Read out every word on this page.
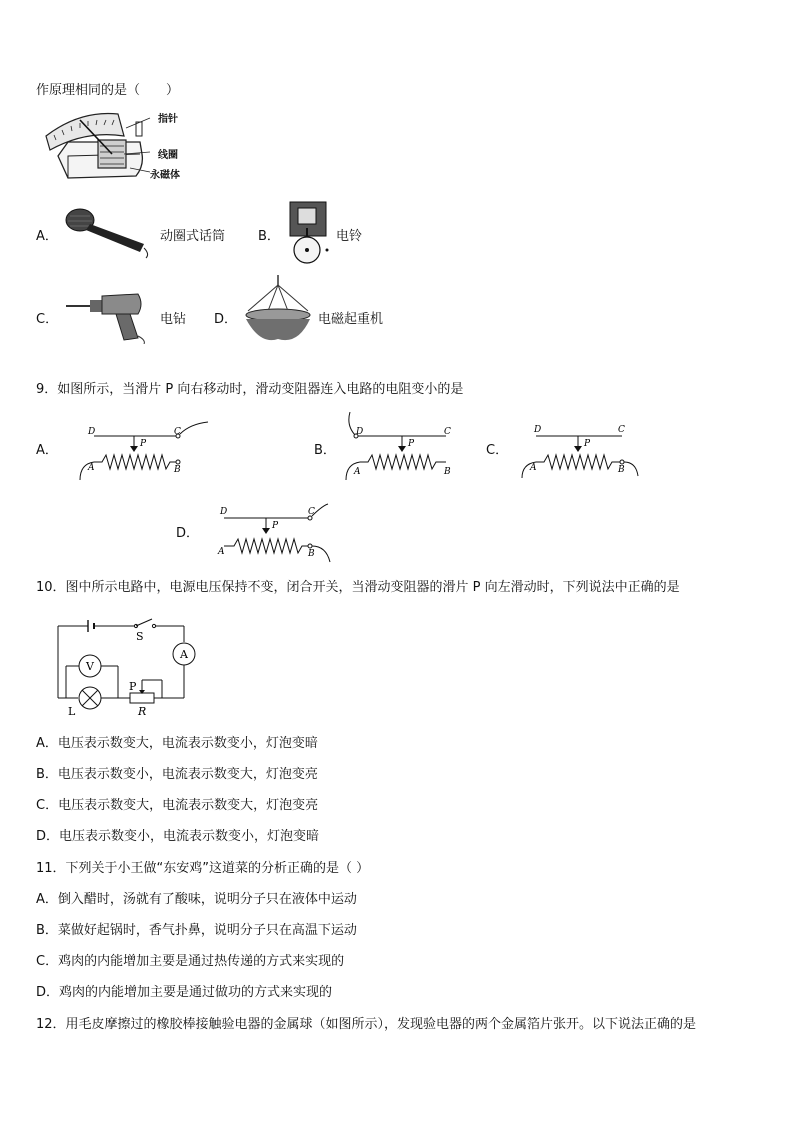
作原理相同的是（　　）
指针
线圈
永磁体
A．	动圈式话筒	B．	电铃
C．	电钻 D．	电磁起重机
9．如图所示，当滑片 P 向右移动时，滑动变阻器连入电路的电阻变小的是
A．
D	C
P
A	B
B．
D	C
P
A	B
C．
D	C
P
A	B
D．
D	C
P
A	B
10．图中所示电路中，电源电压保持不变，闭合开关，当滑动变阻器的滑片 P 向左滑动时，下列说法中正确的是
S
A
V
P
L	R
A．电压表示数变大，电流表示数变小，灯泡变暗
B．电压表示数变小，电流表示数变大，灯泡变亮
C．电压表示数变大，电流表示数变大，灯泡变亮
D．电压表示数变小，电流表示数变小，灯泡变暗
11．下列关于小王做“东安鸡”这道菜的分析正确的是（ ）
A．倒入醋时，汤就有了酸味，说明分子只在液体中运动
B．菜做好起锅时，香气扑鼻，说明分子只在高温下运动
C．鸡肉的内能增加主要是通过热传递的方式来实现的
D．鸡肉的内能增加主要是通过做功的方式来实现的
12．用毛皮摩擦过的橡胶棒接触验电器的金属球（如图所示），发现验电器的两个金属箔片张开。以下说法正确的是
